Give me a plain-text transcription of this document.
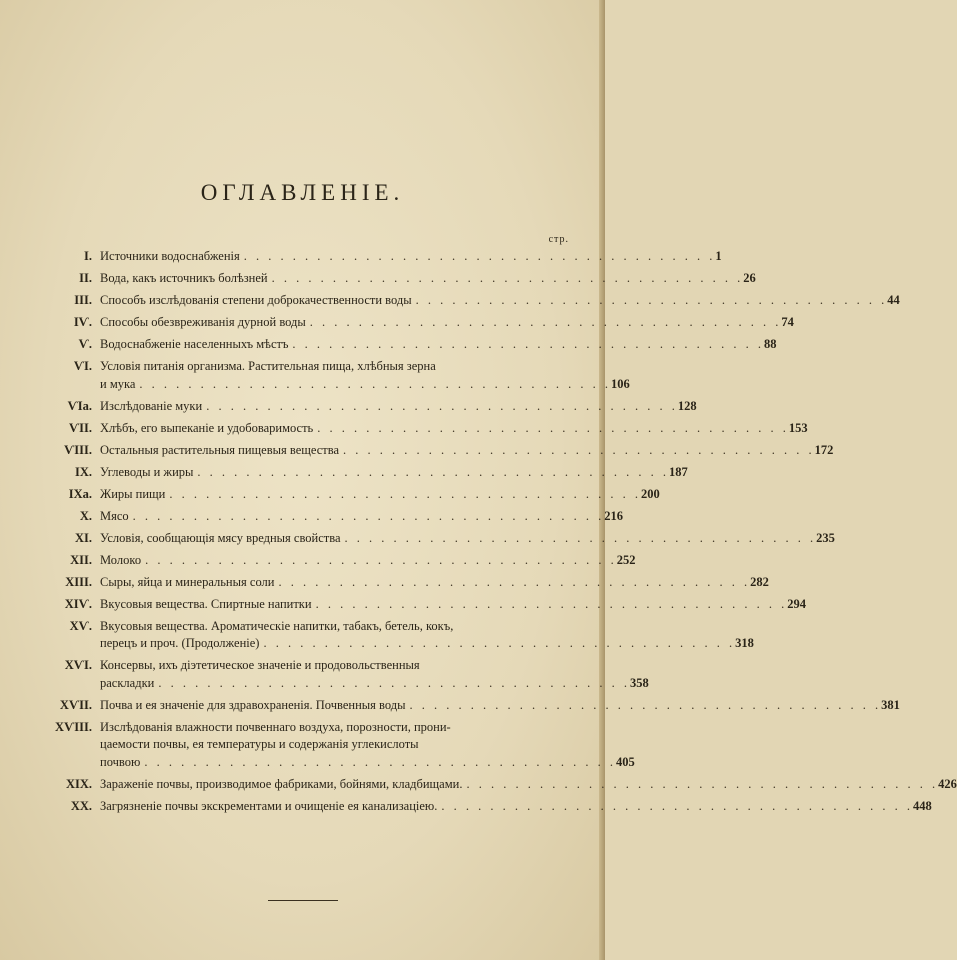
ОГЛАВЛЕНІЕ.
стр.
I. Источники водоснабженія . . . . . . . . . . . . . . . . . . . . . . . . . . . . . . . . . . . . . . . 1
II. Вода, какъ источникъ болѣзней . . . . . . . . . . . . . . . . . . . . . . . . . . . . . . . . . . . . . . . 26
III. Способъ изслѣдованія степени доброкачественности воды . . . . . . . . . . . . . . . . . . . . . . . . . . . . . . . . . . . . . . . 44
IѴ. Способы обезвреживанія дурной воды . . . . . . . . . . . . . . . . . . . . . . . . . . . . . . . . . . . . . . . 74
Ѵ. Водоснабженіе населенныхъ мѣстъ . . . . . . . . . . . . . . . . . . . . . . . . . . . . . . . . . . . . . . . 88
ѴI. Условія питанія организма. Растительная пища, хлѣбныя зерна
и мука . . . . . . . . . . . . . . . . . . . . . . . . . . . . . . . . . . . . . . . 106
ѴIа. Изслѣдованіе муки . . . . . . . . . . . . . . . . . . . . . . . . . . . . . . . . . . . . . . . 128
ѴII. Хлѣбъ, его выпеканіе и удобоваримость . . . . . . . . . . . . . . . . . . . . . . . . . . . . . . . . . . . . . . . 153
ѴIII. Остальныя растительныя пищевыя вещества . . . . . . . . . . . . . . . . . . . . . . . . . . . . . . . . . . . . . . . 172
IX. Углеводы и жиры . . . . . . . . . . . . . . . . . . . . . . . . . . . . . . . . . . . . . . . 187
IХа. Жиры пищи . . . . . . . . . . . . . . . . . . . . . . . . . . . . . . . . . . . . . . . 200
X. Мясо . . . . . . . . . . . . . . . . . . . . . . . . . . . . . . . . . . . . . . . 216
XI. Условія, сообщающія мясу вредныя свойства . . . . . . . . . . . . . . . . . . . . . . . . . . . . . . . . . . . . . . . 235
XII. Молоко . . . . . . . . . . . . . . . . . . . . . . . . . . . . . . . . . . . . . . . 252
XIII. Сыры, яйца и минеральныя соли . . . . . . . . . . . . . . . . . . . . . . . . . . . . . . . . . . . . . . . 282
XIѴ. Вкусовыя вещества. Спиртные напитки . . . . . . . . . . . . . . . . . . . . . . . . . . . . . . . . . . . . . . . 294
XѴ. Вкусовыя вещества. Ароматическіе напитки, табакъ, бетель, кокъ,
перецъ и проч. (Продолженіе) . . . . . . . . . . . . . . . . . . . . . . . . . . . . . . . . . . . . . . . 318
XѴI. Консервы, ихъ діэтетическое значеніе и продовольственныя
раскладки . . . . . . . . . . . . . . . . . . . . . . . . . . . . . . . . . . . . . . . 358
XѴII. Почва и ея значеніе для здравохраненія. Почвенныя воды . . . . . . . . . . . . . . . . . . . . . . . . . . . . . . . . . . . . . . . 381
XѴIII. Изслѣдованія влажности почвеннаго воздуха, порозности, прони-
цаемости почвы, ея температуры и содержанія углекислоты
почвою . . . . . . . . . . . . . . . . . . . . . . . . . . . . . . . . . . . . . . . 405
XIX. Зараженіе почвы, производимое фабриками, бойнями, кладбищами. . . . . . . . . . . . . . . . . . . . . . . . . . . . . . . . . . . . . . . . 426
XX. Загрязненіе почвы экскрементами и очищеніе ея канализаціею. . . . . . . . . . . . . . . . . . . . . . . . . . . . . . . . . . . . . . . . 448
